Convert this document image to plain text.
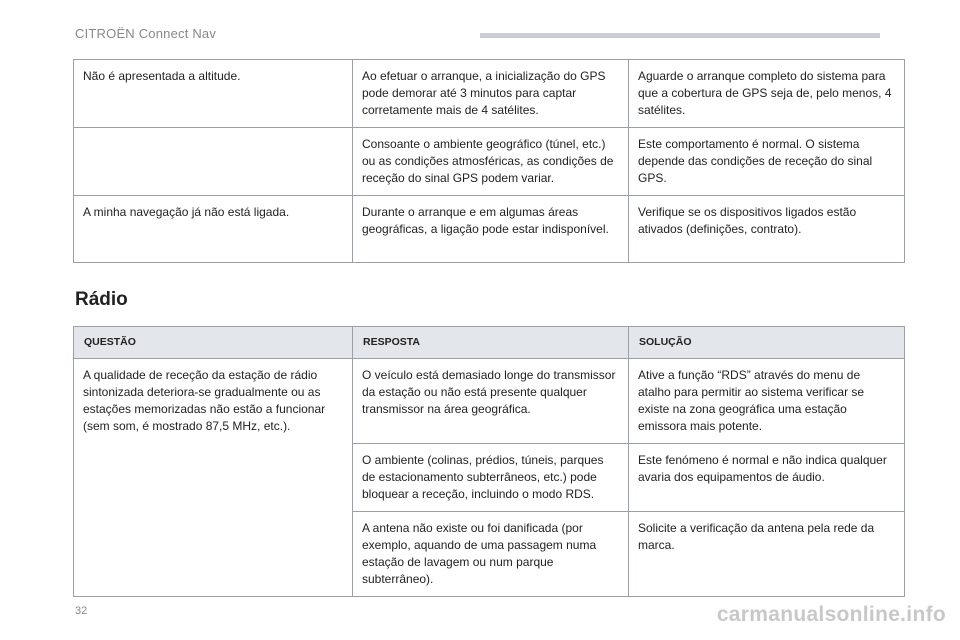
CITROËN Connect Nav
Não é apresentada a altitude.	Ao efetuar o arranque, a inicialização do GPS pode demorar até 3 minutos para captar corretamente mais de 4 satélites.	Aguarde o arranque completo do sistema para que a cobertura de GPS seja de, pelo menos, 4 satélites.
	Consoante o ambiente geográfico (túnel, etc.) ou as condições atmosféricas, as condições de receção do sinal GPS podem variar.	Este comportamento é normal. O sistema depende das condições de receção do sinal GPS.
A minha navegação já não está ligada.	Durante o arranque e em algumas áreas geográficas, a ligação pode estar indisponível.	Verifique se os dispositivos ligados estão ativados (definições, contrato).
Rádio
QUESTÃO	RESPOSTA	SOLUÇÃO
A qualidade de receção da estação de rádio sintonizada deteriora-se gradualmente ou as estações memorizadas não estão a funcionar (sem som, é mostrado 87,5 MHz, etc.).	O veículo está demasiado longe do transmissor da estação ou não está presente qualquer transmissor na área geográfica.	Ative a função “RDS” através do menu de atalho para permitir ao sistema verificar se existe na zona geográfica uma estação emissora mais potente.
	O ambiente (colinas, prédios, túneis, parques de estacionamento subterrâneos, etc.) pode bloquear a receção, incluindo o modo RDS.	Este fenómeno é normal e não indica qualquer avaria dos equipamentos de áudio.
	A antena não existe ou foi danificada (por exemplo, aquando de uma passagem numa estação de lavagem ou num parque subterrâneo).	Solicite a verificação da antena pela rede da marca.
32	carmanualsonline.info
